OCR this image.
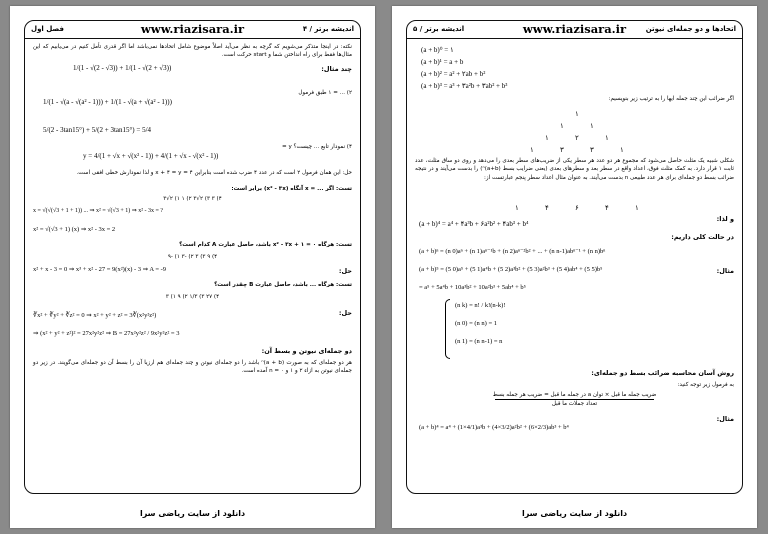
فصل اول	www.riazisara.ir	۴ / اندیشه برتر
نکته: در اینجا متذکر می‌شویم که گرچه به نظر می‌آید اصلاً موضوع شامل اتحادها نمی‌باشد اما اگر قدری تأمل کنیم در می‌یابیم که این مثال‌ها فقط برای راه انداختن شما و start حرکت است.
چند مثال:
1/(1 - √(2 - √3)) + 1/(1 - √(2 + √3))
۲) ... = ۱ طبق فرمول
1/(1 - √(a - √(a² - 1))) + 1/(1 - √(a + √(a² - 1)))
5/(2 - 3tan15°) + 5/(2 + 3tan15°) = 5/4
۴) نمودار تابع ... چیست؟ y =
y = 4/(1 + √x + √(x² - 1)) + 4/(1 + √x - √(x² - 1))
حل: این همان فرمول ۲ است که در عدد ۴ ضرب شده است بنابراین ۴ = x + ۴ = y و لذا نمودارش خطی افقی است.
تست: اگر ... = x آنگاه (x² - ۳x) برابر است:
۴) ۳ ۳) ۲√۳ ۲) ۱ ۱) ۲√۳
x = √(√(√3 + 1 + 1)) ... ⇒ x² = √(√3 + 1) ⇒ x² - 3x = ?
x² = √(√3 + 1) (x) ⇒ x² - 3x = 2
تست: هرگاه x² - ۳x + ۱ = ۰ باشد، حاصل عبارت A کدام است؟
۴) ۹ ۳) ۳ ۲) -۳ ۱) -۹
حل:
x² + x - 3 = 0 ⇒ x³ + x² - 27 = 9(x²)(x) - 3 ⇒ A = -9
تست: هرگاه ... باشد، حاصل عبارت B چقدر است؟
۴) ۲۷ ۳) ۱/۳ ۲) ۹ ۱) ۳
حل:
∛x² + ∛y² + ∛z² = 0 ⇒ x² + y² + z² = 3∛(x²y²z²)
⇒ (x² + y² + z²)² = 27x²y²z² ⇒ B = 27x²y²z² / 9x²y²z² = 3
دو جمله‌ای نیوتن و بسط آن:
هر دو جمله‌ای که به صورت (a + b)ⁿ باشد را دو جمله‌ای نیوتن و چند جمله‌ای هم ارزیا آن را بسط آن دو جمله‌ای می‌گویند. در زیر دو جمله‌ای نیوتن به ازاء ۲ و ۱ و ۰ = n آمده است.
دانلود از سایت ریاضی سرا
اندیشه برتر / ۵	www.riazisara.ir	اتحادها و دو جمله‌ای نیوتن
(a + b)⁰ = ۱
(a + b)¹ = a + b
(a + b)² = a² + ۲ab + b²
(a + b)³ = a³ + ۳a²b + ۳ab² + b³
اگر ضرائب این چند جمله ایها را به ترتیب زیر بنویسیم:
۱
۱	۱
۱	۲	۱
۱	۳	۳	۱
شکلی شبیه یک مثلث حاصل می‌شود که مجموع هر دو عدد هر سطر یکی از ضریب‌های سطر بعدی را می‌دهد و روی دو ساق مثلث، عدد ثابت ۱ قرار دارد. به کمک مثلث فوق، اعداد واقع در سطر بعد و سطرهای بعدی (یعنی ضرایب بسط (a+b)ⁿ) را بدست می‌آیند و در نتیجه ضرائب بسط دو جمله‌ای برای هر عدد طبیعی n بدست می‌آیند. به عنوان مثال اعداد سطر پنجم عبارتست از:
۱	۴	۶	۴	۱
و لذا:
(a + b)⁴ = a⁴ + ۴a³b + ۶a²b² + ۴ab³ + b⁴
در حالت کلی داریم:
(a + b)ⁿ = (n 0)aⁿ + (n 1)aⁿ⁻¹b + (n 2)aⁿ⁻²b² + ... + (n n-1)abⁿ⁻¹ + (n n)bⁿ
مثال:
(a + b)⁵ = (5 0)a⁵ + (5 1)a⁴b + (5 2)a³b² + (5 3)a²b³ + (5 4)ab⁴ + (5 5)b⁵
= a⁵ + 5a⁴b + 10a³b² + 10a²b³ + 5ab⁴ + b⁵
(n k) = n! / k!(n-k)!
(n 0) = (n n) = 1
(n 1) = (n n-1) = n
روش آسان محاسبه ضرائب بسط دو جمله‌ای:
به فرمول زیر توجه کنید:
ضریب جمله ما قبل × توان a در جمله ما قبل = ضریب هر جمله بسط
تعداد جملات ما قبل
مثال:
(a + b)⁴ = a⁴ + (1×4/1)a³b + (4×3/2)a²b² + (6×2/3)ab³ + b⁴
دانلود از سایت ریاضی سرا
